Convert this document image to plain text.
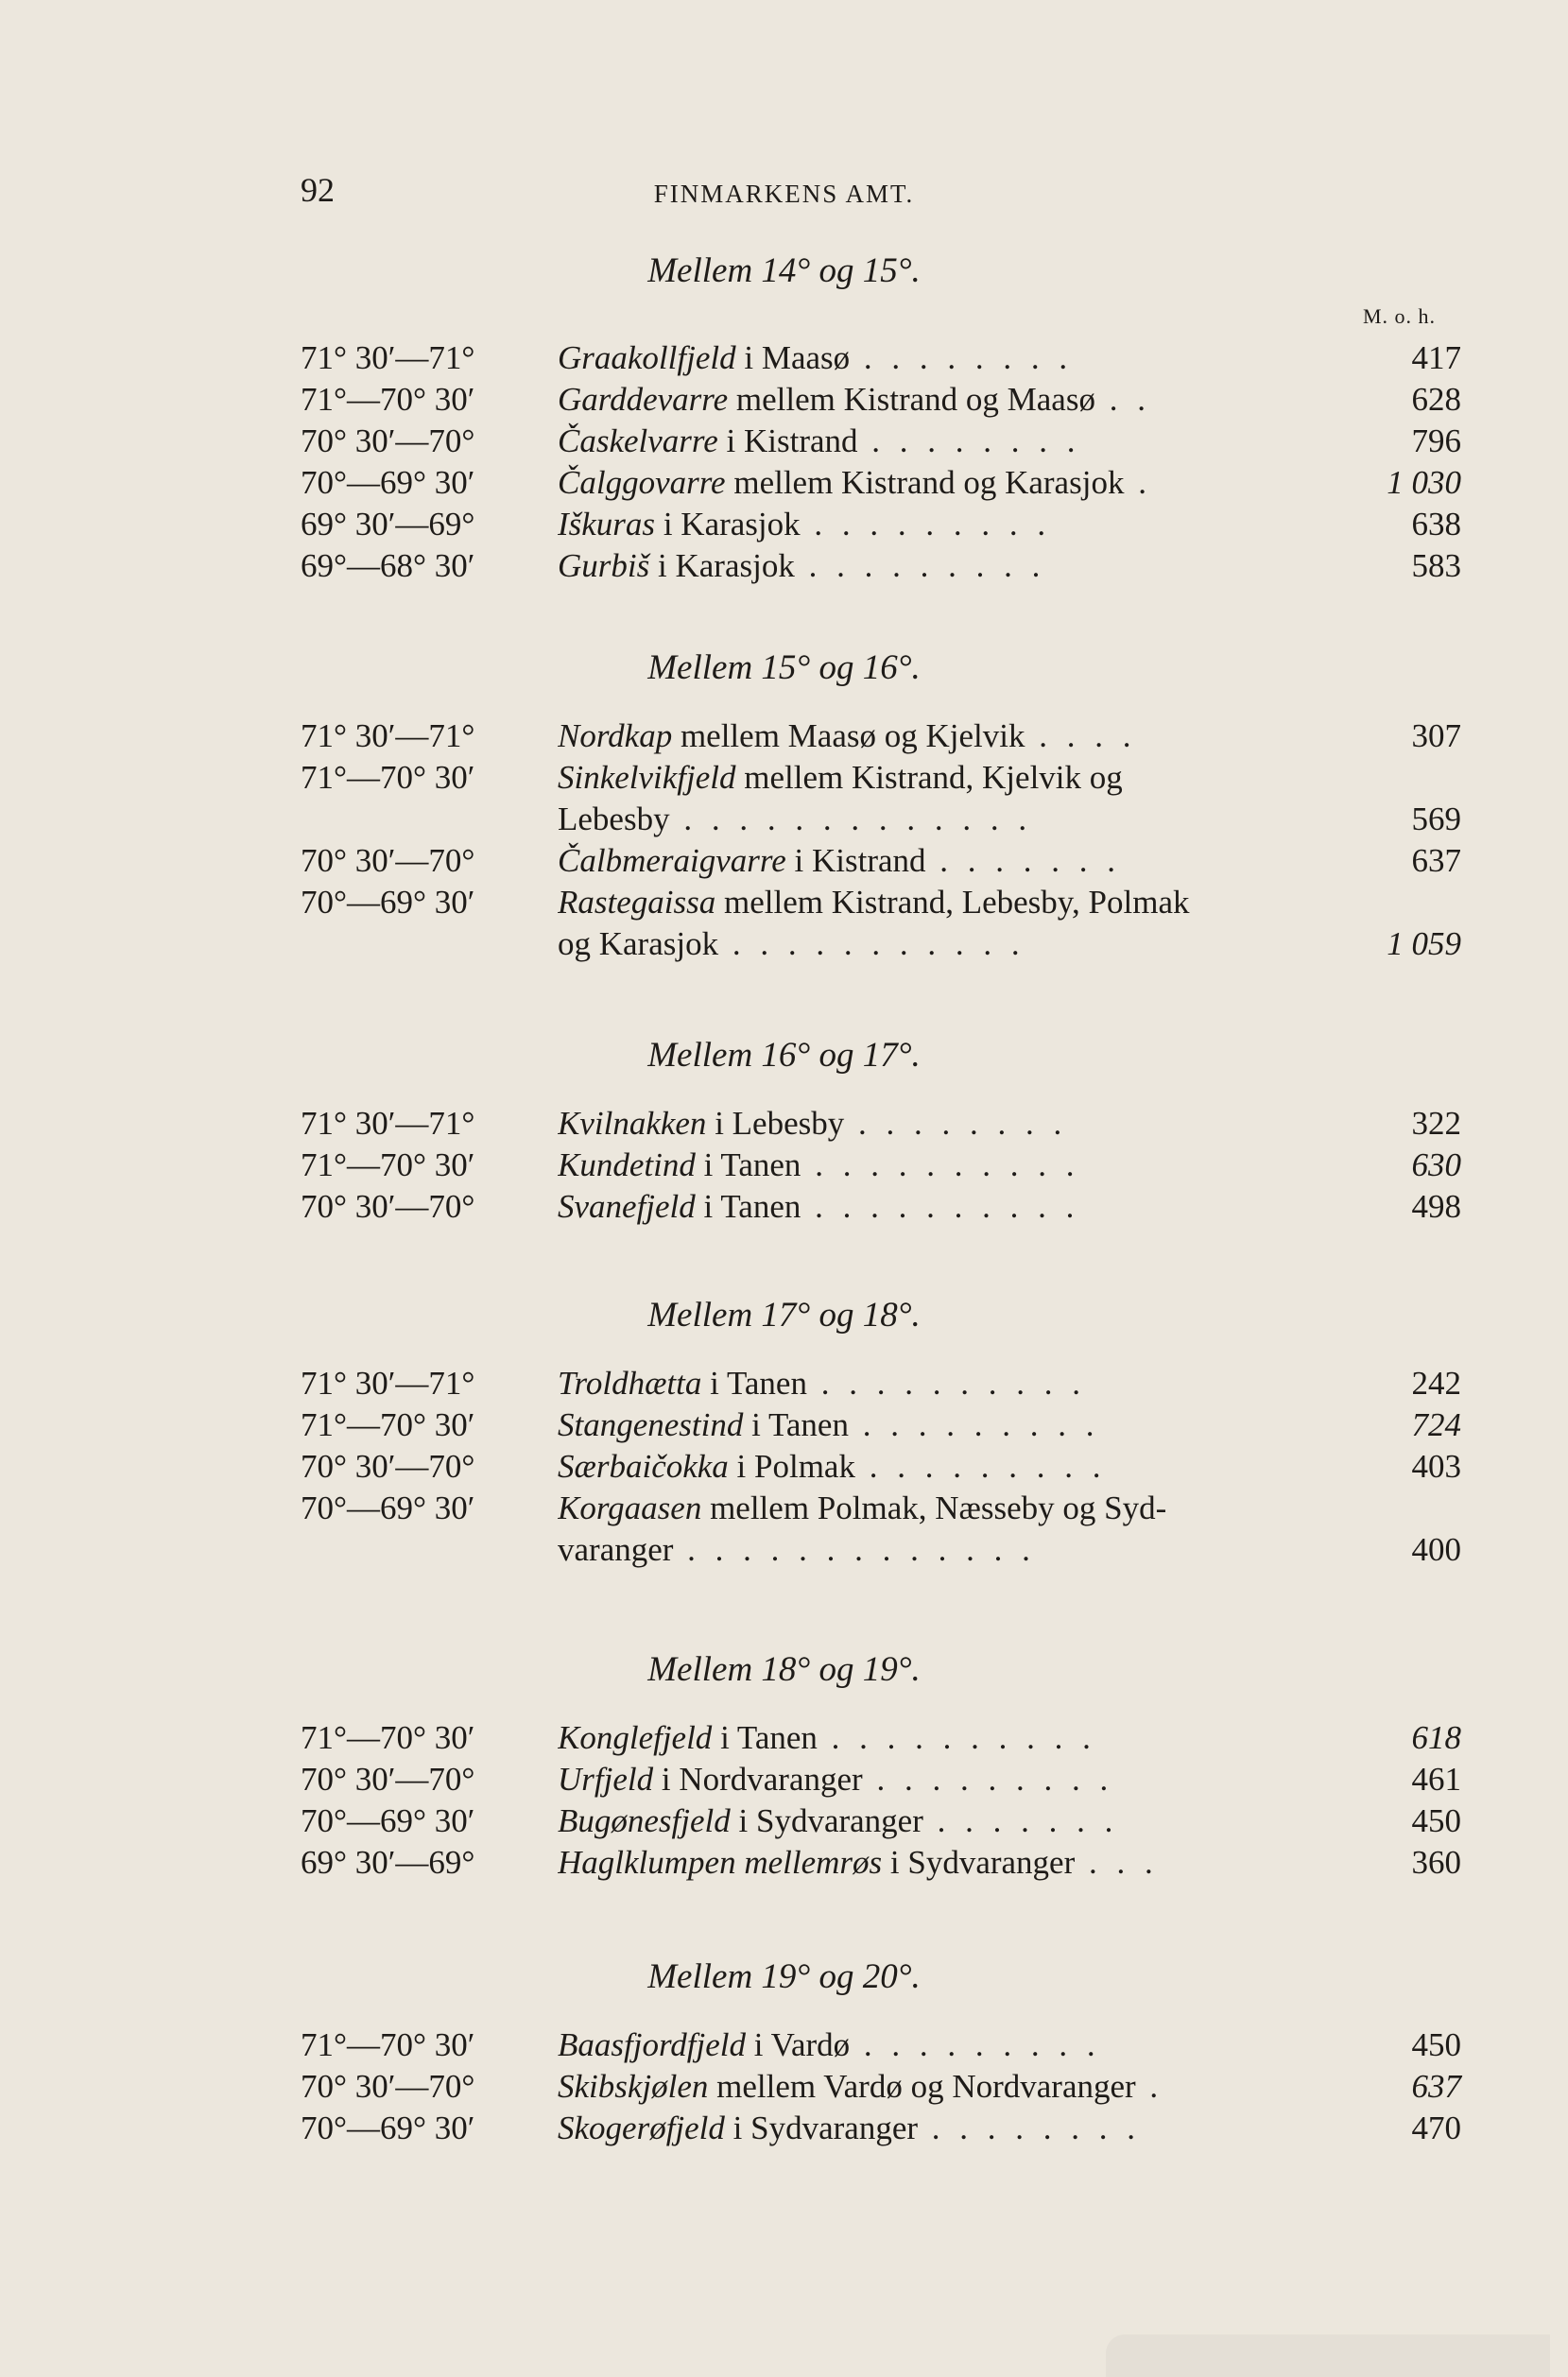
92	FINMARKENS AMT.
M. o. h.
Mellem 14° og 15°.
71° 30′—71°	Graakollfjeld i Maasø . . . . . . . .	417
71°—70° 30′	Garddevarre mellem Kistrand og Maasø . .	628
70° 30′—70°	Časkelvarre i Kistrand . . . . . . . .	796
70°—69° 30′	Čalggovarre mellem Kistrand og Karasjok .	1 030
69° 30′—69°	Iškuras i Karasjok . . . . . . . . .	638
69°—68° 30′	Gurbiš i Karasjok . . . . . . . . .	583
Mellem 15° og 16°.
71° 30′—71°	Nordkap mellem Maasø og Kjelvik . . . .	307
71°—70° 30′	Sinkelvikfjeld mellem Kistrand, Kjelvik og
Lebesby . . . . . . . . . . . . .	569
70° 30′—70°	Čalbmeraigvarre i Kistrand . . . . . . .	637
70°—69° 30′	Rastegaissa mellem Kistrand, Lebesby, Polmak
og Karasjok . . . . . . . . . . .	1 059
Mellem 16° og 17°.
71° 30′—71°	Kvilnakken i Lebesby . . . . . . . .	322
71°—70° 30′	Kundetind i Tanen . . . . . . . . . .	630
70° 30′—70°	Svanefjeld i Tanen . . . . . . . . . .	498
Mellem 17° og 18°.
71° 30′—71°	Troldhætta i Tanen . . . . . . . . . .	242
71°—70° 30′	Stangenestind i Tanen . . . . . . . . .	724
70° 30′—70°	Særbaičokka i Polmak . . . . . . . . .	403
70°—69° 30′	Korgaasen mellem Polmak, Næsseby og Syd-
varanger . . . . . . . . . . . . .	400
Mellem 18° og 19°.
71°—70° 30′	Konglefjeld i Tanen . . . . . . . . . .	618
70° 30′—70°	Urfjeld i Nordvaranger . . . . . . . . .	461
70°—69° 30′	Bugønesfjeld i Sydvaranger . . . . . . .	450
69° 30′—69°	Haglklumpen mellemrøs i Sydvaranger . . .	360
Mellem 19° og 20°.
71°—70° 30′	Baasfjordfjeld i Vardø . . . . . . . . .	450
70° 30′—70°	Skibskjølen mellem Vardø og Nordvaranger .	637
70°—69° 30′	Skogerøfjeld i Sydvaranger . . . . . . . .	470
